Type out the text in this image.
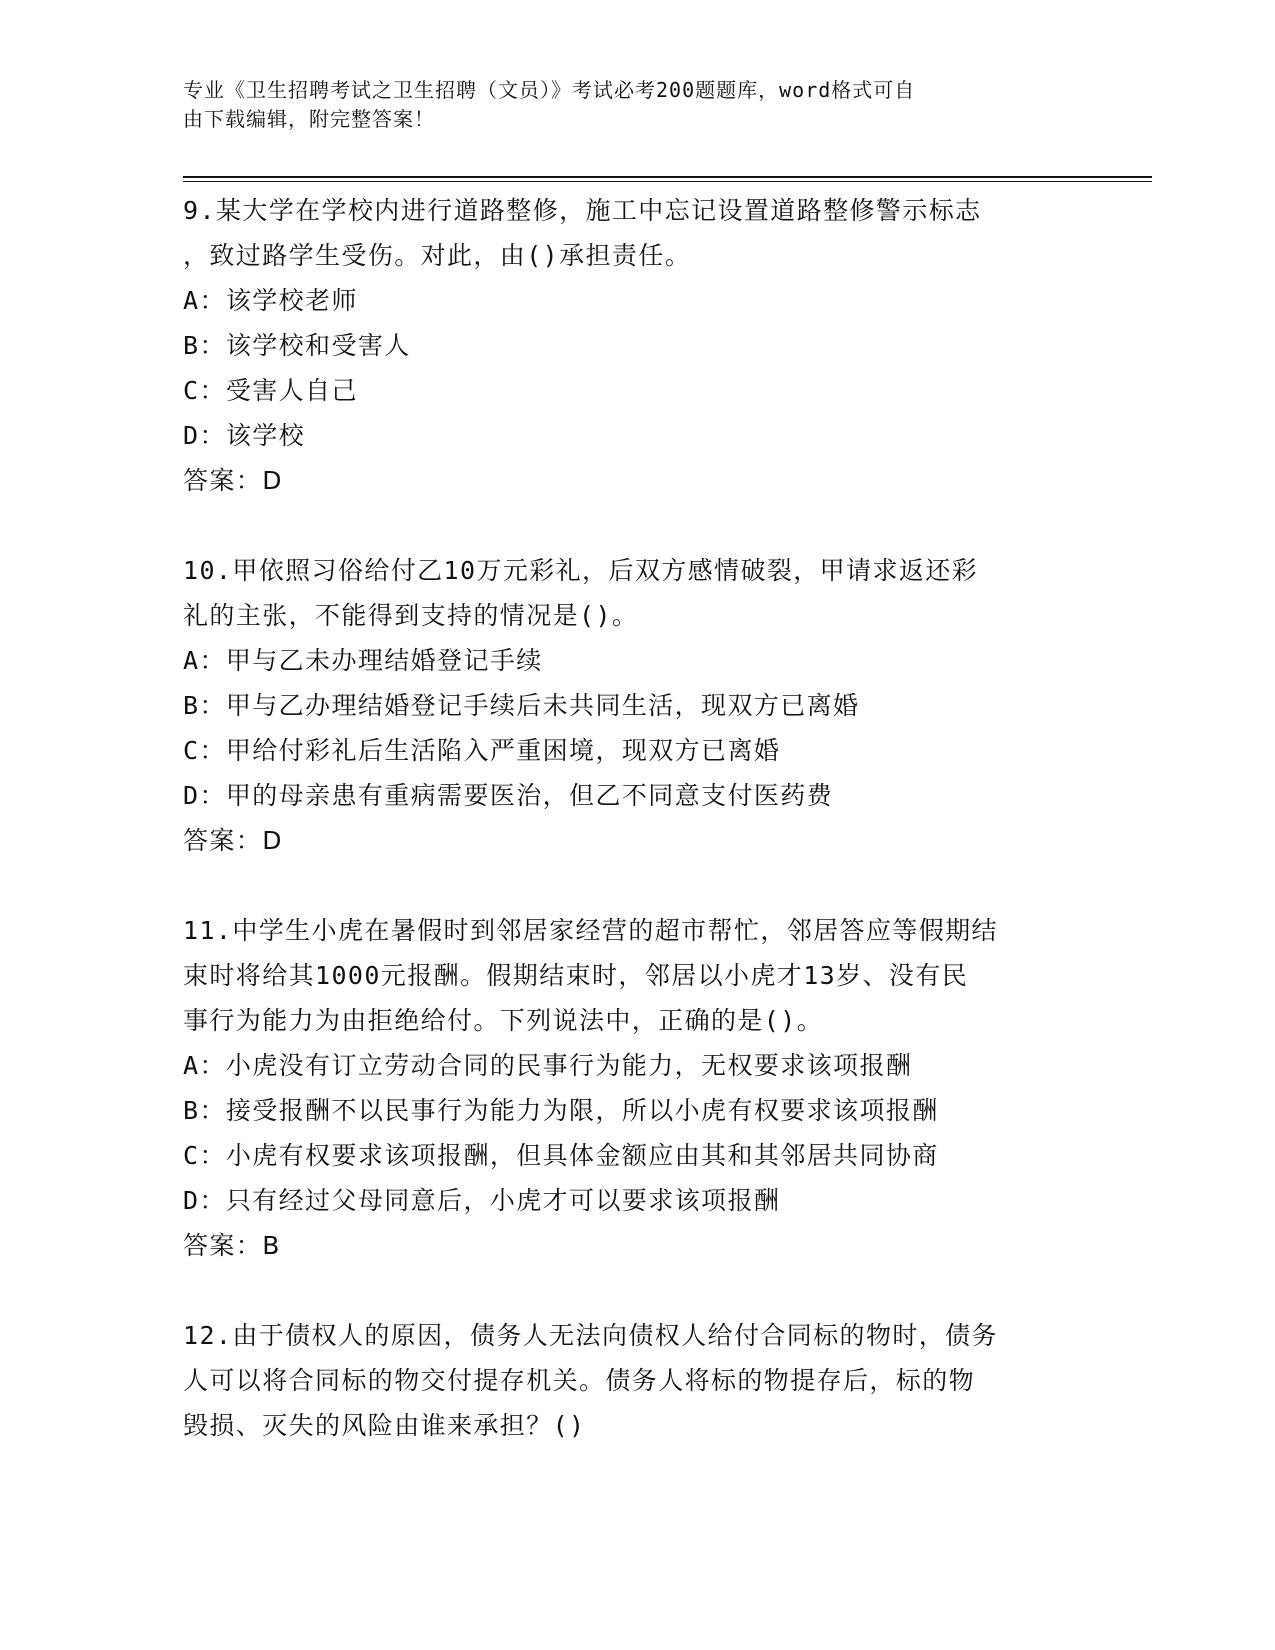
专业《卫生招聘考试之卫生招聘（文员）》考试必考200题题库，word格式可自
由下载编辑，附完整答案！
9.某大学在学校内进行道路整修，施工中忘记设置道路整修警示标志
，致过路学生受伤。对此，由()承担责任。
A：该学校老师
B：该学校和受害人
C：受害人自己
D：该学校
答案：D
10.甲依照习俗给付乙10万元彩礼，后双方感情破裂，甲请求返还彩
礼的主张，不能得到支持的情况是()。
A：甲与乙未办理结婚登记手续
B：甲与乙办理结婚登记手续后未共同生活，现双方已离婚
C：甲给付彩礼后生活陷入严重困境，现双方已离婚
D：甲的母亲患有重病需要医治，但乙不同意支付医药费
答案：D
11.中学生小虎在暑假时到邻居家经营的超市帮忙，邻居答应等假期结
束时将给其1000元报酬。假期结束时，邻居以小虎才13岁、没有民
事行为能力为由拒绝给付。下列说法中，正确的是()。
A：小虎没有订立劳动合同的民事行为能力，无权要求该项报酬
B：接受报酬不以民事行为能力为限，所以小虎有权要求该项报酬
C：小虎有权要求该项报酬，但具体金额应由其和其邻居共同协商
D：只有经过父母同意后，小虎才可以要求该项报酬
答案：B
12.由于债权人的原因，债务人无法向债权人给付合同标的物时，债务
人可以将合同标的物交付提存机关。债务人将标的物提存后，标的物
毁损、灭失的风险由谁来承担？()
